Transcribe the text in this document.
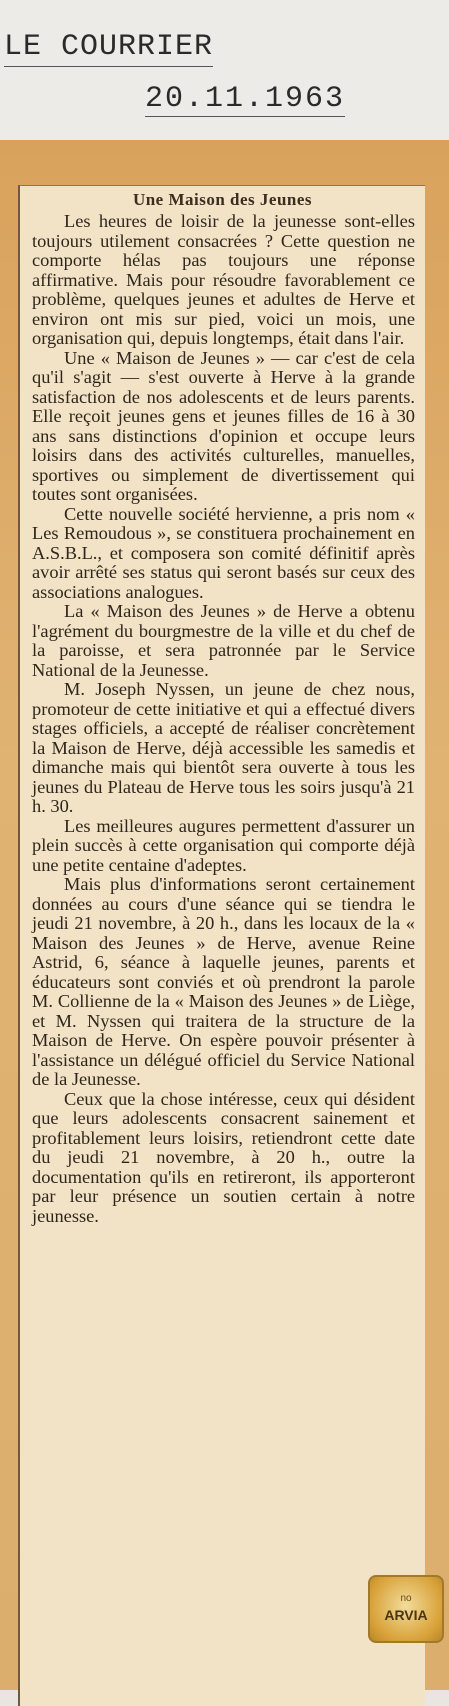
LE COURRIER
20.11.1963
Une Maison des Jeunes

Les heures de loisir de la jeunesse sont-elles toujours utilement consacrées ? Cette question ne comporte hélas pas toujours une réponse affirmative. Mais pour résoudre favorablement ce problème, quelques jeunes et adultes de Herve et environ ont mis sur pied, voici un mois, une organisation qui, depuis longtemps, était dans l'air.

Une « Maison de Jeunes » — car c'est de cela qu'il s'agit — s'est ouverte à Herve à la grande satisfaction de nos adolescents et de leurs parents. Elle reçoit jeunes gens et jeunes filles de 16 à 30 ans sans distinctions d'opinion et occupe leurs loisirs dans des activités culturelles, manuelles, sportives ou simplement de divertissement qui toutes sont organisées.

Cette nouvelle société hervienne, a pris nom « Les Remoudous », se constituera prochainement en A.S.B.L., et composera son comité définitif après avoir arrêté ses status qui seront basés sur ceux des associations analogues.

La « Maison des Jeunes » de Herve a obtenu l'agrément du bourgmestre de la ville et du chef de la paroisse, et sera patronnée par le Service National de la Jeunesse.

M. Joseph Nyssen, un jeune de chez nous, promoteur de cette initiative et qui a effectué divers stages officiels, a accepté de réaliser concrètement la Maison de Herve, déjà accessible les samedis et dimanche mais qui bientôt sera ouverte à tous les jeunes du Plateau de Herve tous les soirs jusqu'à 21 h. 30.

Les meilleures augures permettent d'assurer un plein succès à cette organisation qui comporte déjà une petite centaine d'adeptes.

Mais plus d'informations seront certainement données au cours d'une séance qui se tiendra le jeudi 21 novembre, à 20 h., dans les locaux de la « Maison des Jeunes » de Herve, avenue Reine Astrid, 6, séance à laquelle jeunes, parents et éducateurs sont conviés et où prendront la parole M. Collienne de la « Maison des Jeunes » de Liège, et M. Nyssen qui traitera de la structure de la Maison de Herve. On espère pouvoir présenter à l'assistance un délégué officiel du Service National de la Jeunesse.

Ceux que la chose intéresse, ceux qui désident que leurs adolescents consacrent sainement et profitablement leurs loisirs, retiendront cette date du jeudi 21 novembre, à 20 h., outre la documentation qu'ils en retireront, ils apporteront par leur présence un soutien certain à notre jeunesse.

no
ARVIA
